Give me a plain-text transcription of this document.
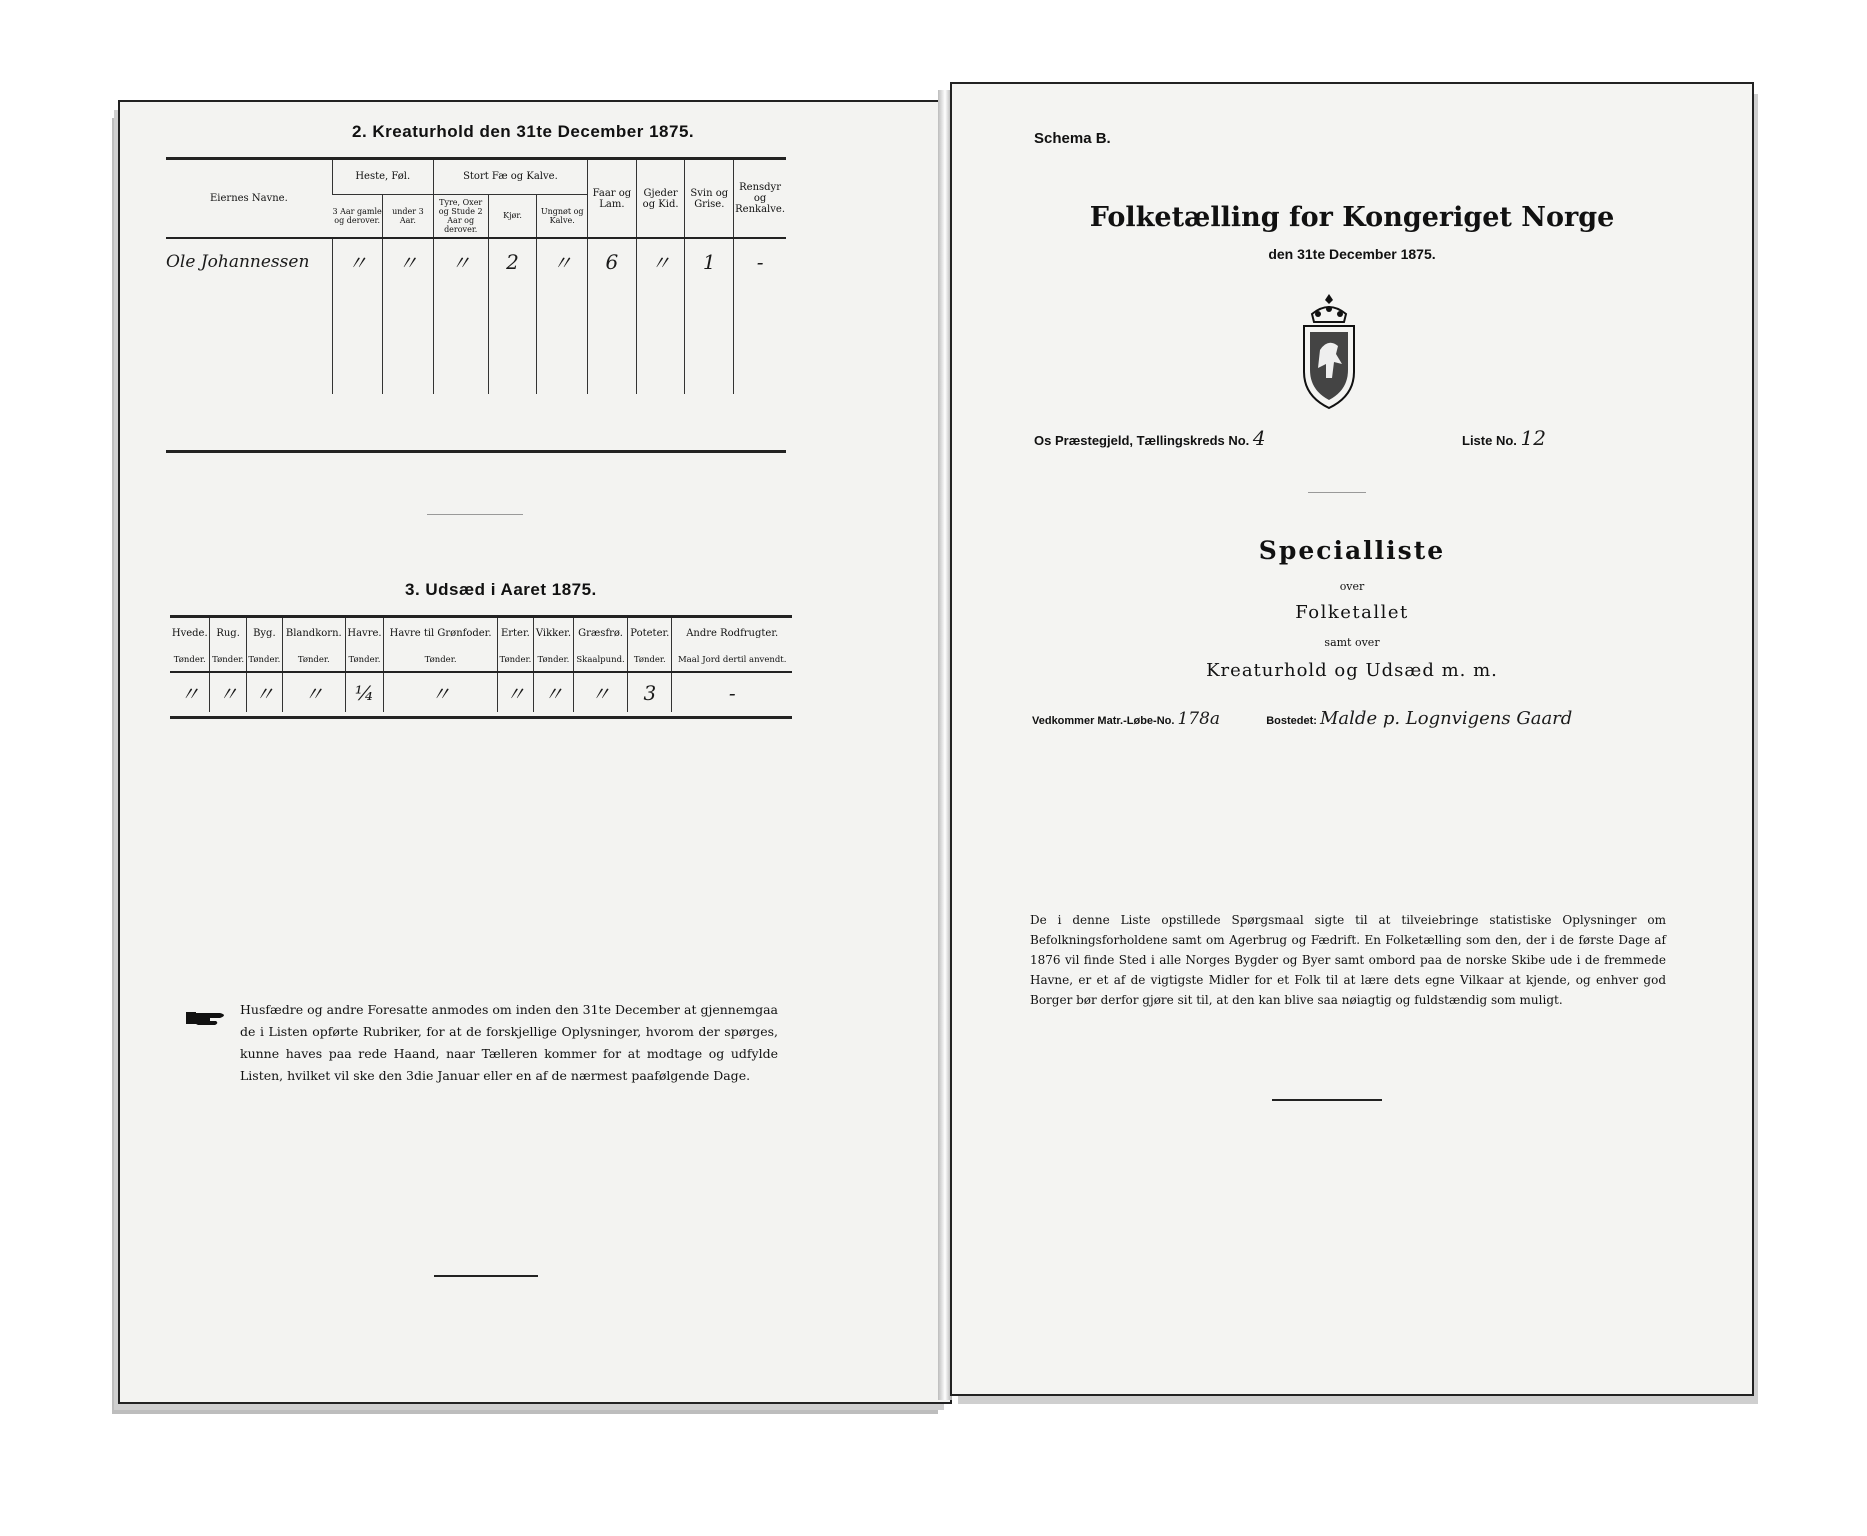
2. Kreaturhold den 31te December 1875.
Eiernes Navne.	Heste, Føl.		Stort Fæ og Kalve.			Faar og Lam.	Gjeder og Kid.	Svin og Grise.	Rensdyr og Renkalve.
	3 Aar gamle og derover.	under 3 Aar.	Tyre, Oxer og Stude 2 Aar og derover.	Kjør.	Ungnøt og Kalve.				
Ole Johannessen	〃	〃	〃	2	〃	6	〃	1	-

3. Udsæd i Aaret 1875.
Hvede.	Rug.	Byg.	Blandkorn.	Havre.	Havre til Grønfoder.	Erter.	Vikker.	Græsfrø.	Poteter.	Andre Rodfrugter.
Tønder.	Tønder.	Tønder.	Tønder.	Tønder.	Tønder.	Tønder.	Tønder.	Skaalpund.	Tønder.	Maal Jord dertil anvendt.
〃	〃	〃	〃	¼	〃	〃	〃	〃	3	-
Husfædre og andre Foresatte anmodes om inden den 31te December at gjennemgaa de i Listen opførte Rubriker, for at de forskjellige Oplysninger, hvorom der spørges, kunne haves paa rede Haand, naar Tælleren kommer for at modtage og udfylde Listen, hvilket vil ske den 3die Januar eller en af de nærmest paafølgende Dage.
Schema B.
Folketælling for Kongeriget Norge
den 31te December 1875.
Os Præstegjeld, Tællingskreds No. 4	Liste No. 12
Specialliste
over
Folketallet
samt over
Kreaturhold og Udsæd m. m.
Vedkommer Matr.-Løbe-No. 178a	Bostedet: Malde p. Lognvigens Gaard
De i denne Liste opstillede Spørgsmaal sigte til at tilveiebringe statistiske Oplysninger om Befolkningsforholdene samt om Agerbrug og Fædrift. En Folketælling som den, der i de første Dage af 1876 vil finde Sted i alle Norges Bygder og Byer samt ombord paa de norske Skibe ude i de fremmede Havne, er et af de vigtigste Midler for et Folk til at lære dets egne Vilkaar at kjende, og enhver god Borger bør derfor gjøre sit til, at den kan blive saa nøiagtig og fuldstændig som muligt.
